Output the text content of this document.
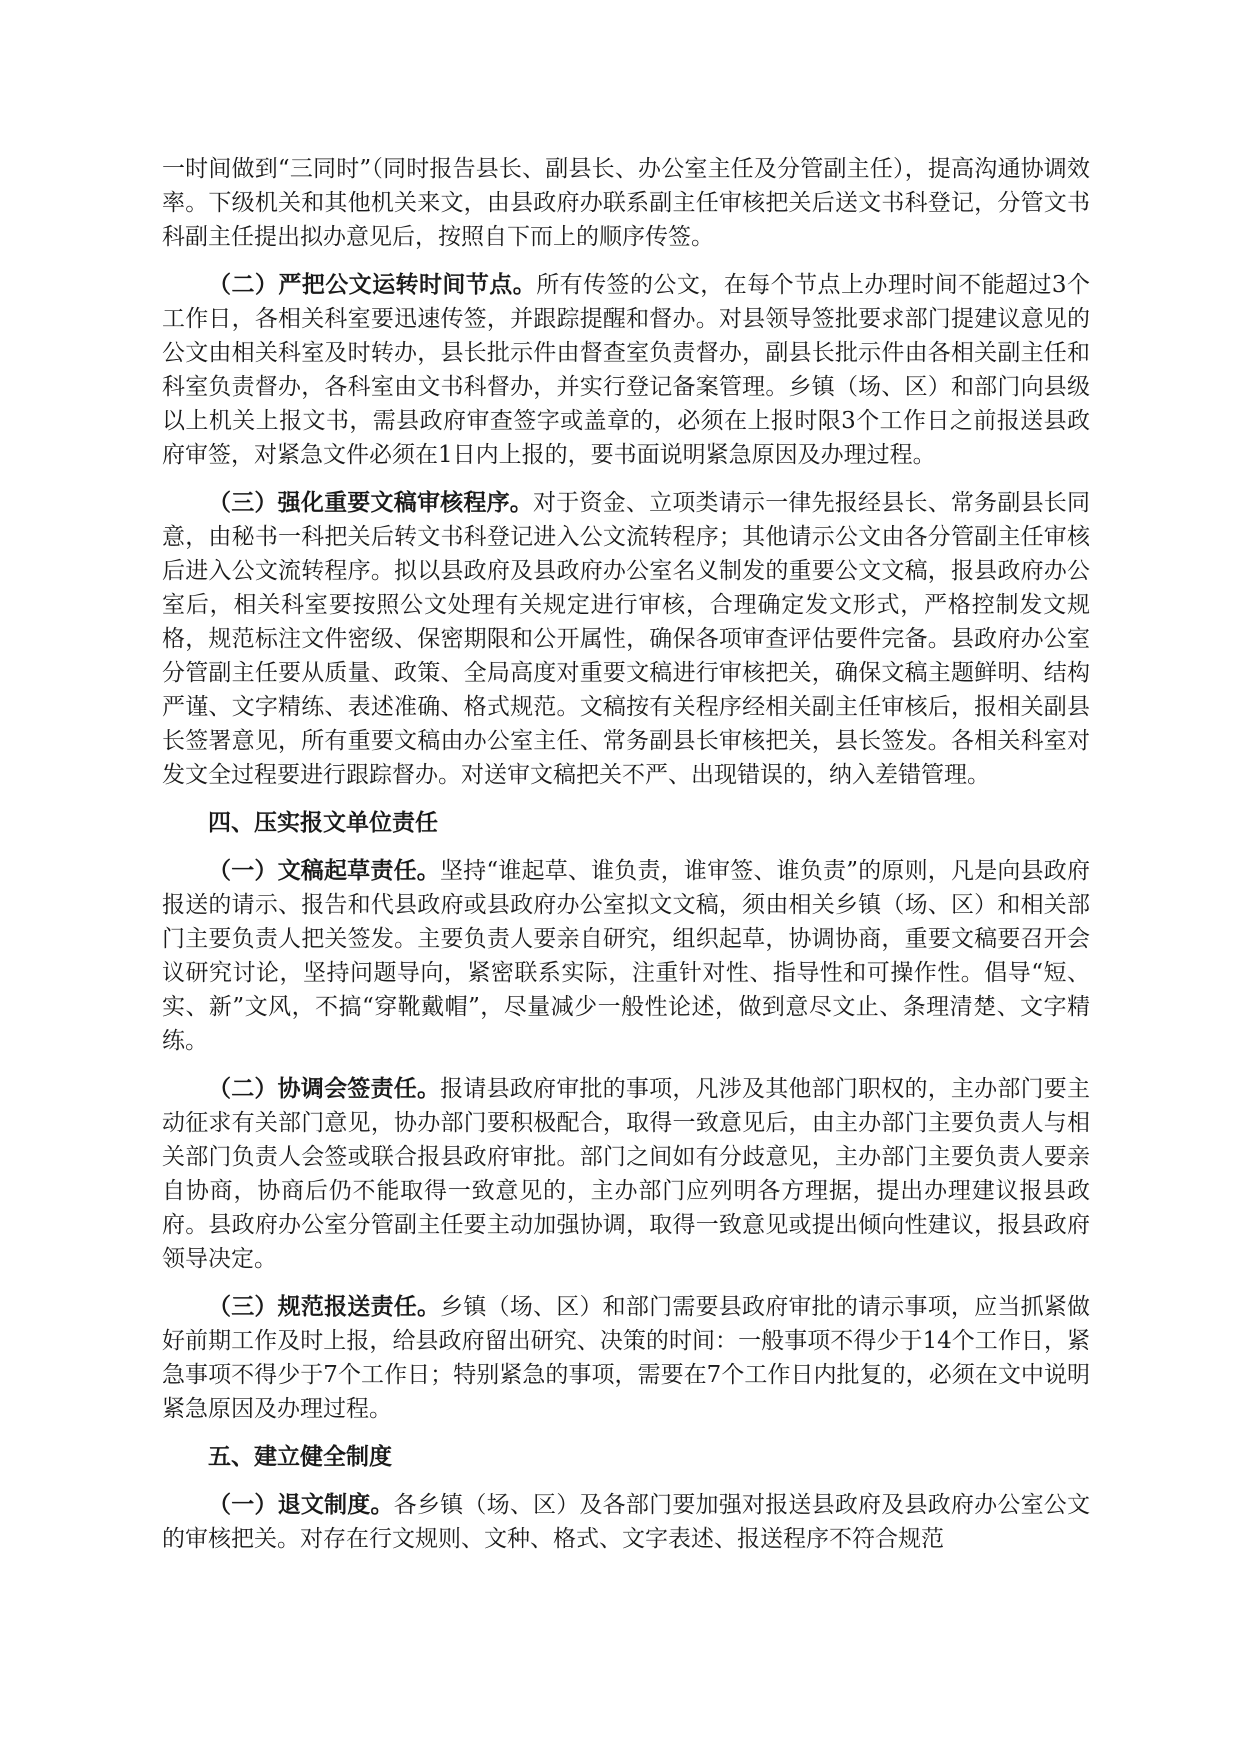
一时间做到“三同时”（同时报告县长、副县长、办公室主任及分管副主任），提高沟通协调效率。下级机关和其他机关来文，由县政府办联系副主任审核把关后送文书科登记，分管文书科副主任提出拟办意见后，按照自下而上的顺序传签。

（二）严把公文运转时间节点。所有传签的公文，在每个节点上办理时间不能超过3个工作日，各相关科室要迅速传签，并跟踪提醒和督办。对县领导签批要求部门提建议意见的公文由相关科室及时转办，县长批示件由督查室负责督办，副县长批示件由各相关副主任和科室负责督办，各科室由文书科督办，并实行登记备案管理。乡镇（场、区）和部门向县级以上机关上报文书，需县政府审查签字或盖章的，必须在上报时限3个工作日之前报送县政府审签，对紧急文件必须在1日内上报的，要书面说明紧急原因及办理过程。

（三）强化重要文稿审核程序。对于资金、立项类请示一律先报经县长、常务副县长同意，由秘书一科把关后转文书科登记进入公文流转程序；其他请示公文由各分管副主任审核后进入公文流转程序。拟以县政府及县政府办公室名义制发的重要公文文稿，报县政府办公室后，相关科室要按照公文处理有关规定进行审核，合理确定发文形式，严格控制发文规格，规范标注文件密级、保密期限和公开属性，确保各项审查评估要件完备。县政府办公室分管副主任要从质量、政策、全局高度对重要文稿进行审核把关，确保文稿主题鲜明、结构严谨、文字精练、表述准确、格式规范。文稿按有关程序经相关副主任审核后，报相关副县长签署意见，所有重要文稿由办公室主任、常务副县长审核把关，县长签发。各相关科室对发文全过程要进行跟踪督办。对送审文稿把关不严、出现错误的，纳入差错管理。

四、压实报文单位责任

（一）文稿起草责任。坚持“谁起草、谁负责，谁审签、谁负责”的原则，凡是向县政府报送的请示、报告和代县政府或县政府办公室拟文文稿，须由相关乡镇（场、区）和相关部门主要负责人把关签发。主要负责人要亲自研究，组织起草，协调协商，重要文稿要召开会议研究讨论，坚持问题导向，紧密联系实际，注重针对性、指导性和可操作性。倡导“短、实、新”文风，不搞“穿靴戴帽”，尽量减少一般性论述，做到意尽文止、条理清楚、文字精练。

（二）协调会签责任。报请县政府审批的事项，凡涉及其他部门职权的，主办部门要主动征求有关部门意见，协办部门要积极配合，取得一致意见后，由主办部门主要负责人与相关部门负责人会签或联合报县政府审批。部门之间如有分歧意见，主办部门主要负责人要亲自协商，协商后仍不能取得一致意见的，主办部门应列明各方理据，提出办理建议报县政府。县政府办公室分管副主任要主动加强协调，取得一致意见或提出倾向性建议，报县政府领导决定。

（三）规范报送责任。乡镇（场、区）和部门需要县政府审批的请示事项，应当抓紧做好前期工作及时上报，给县政府留出研究、决策的时间：一般事项不得少于14个工作日，紧急事项不得少于7个工作日；特别紧急的事项，需要在7个工作日内批复的，必须在文中说明紧急原因及办理过程。

五、建立健全制度

（一）退文制度。各乡镇（场、区）及各部门要加强对报送县政府及县政府办公室公文的审核把关。对存在行文规则、文种、格式、文字表述、报送程序不符合规范
